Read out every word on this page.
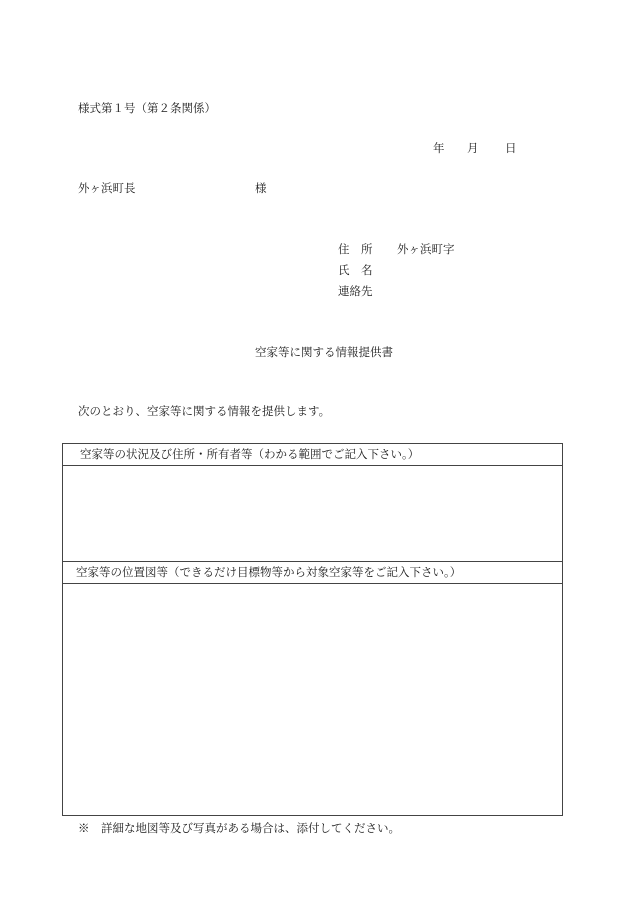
様式第１号（第２条関係）
年 月 日
外ヶ浜町長	様
住　所 外ヶ浜町字
氏　名
連絡先
空家等に関する情報提供書
次のとおり、空家等に関する情報を提供します。
空家等の状況及び住所・所有者等（わかる範囲でご記入下さい。）
空家等の位置図等（できるだけ目標物等から対象空家等をご記入下さい。）
※　詳細な地図等及び写真がある場合は、添付してください。
